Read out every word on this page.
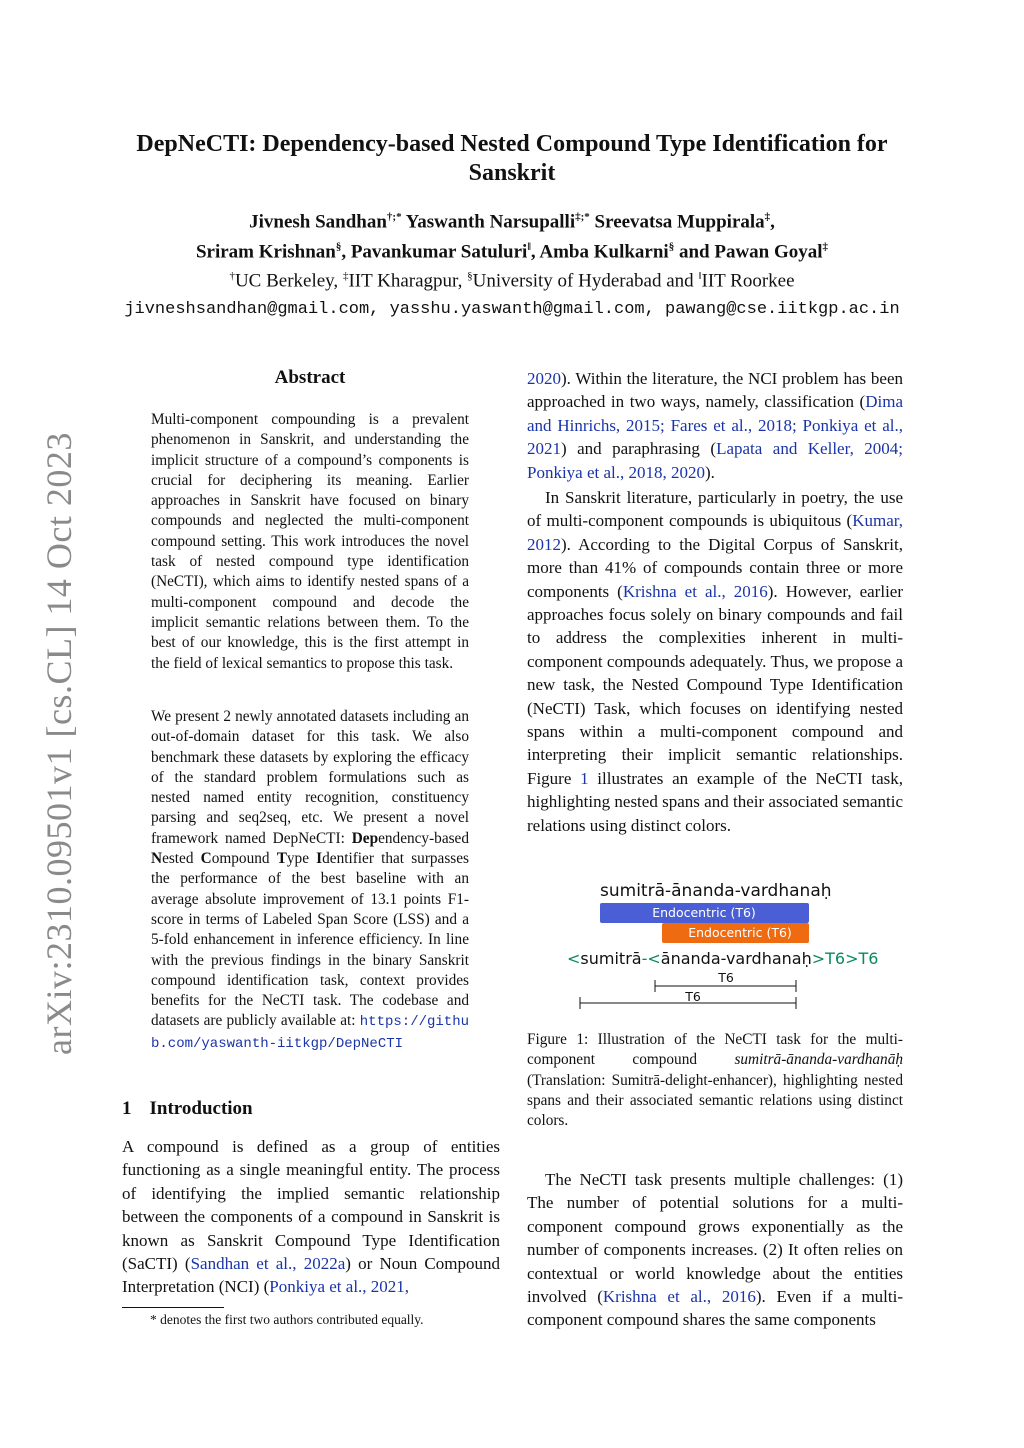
arXiv:2310.09501v1 [cs.CL] 14 Oct 2023
DepNeCTI: Dependency-based Nested Compound Type Identification for Sanskrit
Jivnesh Sandhan†;* Yaswanth Narsupalli‡;* Sreevatsa Muppirala‡,
Sriram Krishnan§, Pavankumar Satuluri‖, Amba Kulkarni§ and Pawan Goyal‡
†UC Berkeley, ‡IIT Kharagpur, §University of Hyderabad and ‖IIT Roorkee
jivneshsandhan@gmail.com, yasshu.yaswanth@gmail.com, pawang@cse.iitkgp.ac.in
Abstract
Multi-component compounding is a prevalent phenomenon in Sanskrit, and understanding the implicit structure of a compound’s components is crucial for deciphering its meaning. Earlier approaches in Sanskrit have focused on binary compounds and neglected the multi-component compound setting. This work introduces the novel task of nested compound type identification (NeCTI), which aims to identify nested spans of a multi-component compound and decode the implicit semantic relations between them. To the best of our knowledge, this is the first attempt in the field of lexical semantics to propose this task.
We present 2 newly annotated datasets including an out-of-domain dataset for this task. We also benchmark these datasets by exploring the efficacy of the standard problem formulations such as nested named entity recognition, constituency parsing and seq2seq, etc. We present a novel framework named DepNeCTI: Dependency-based Nested Compound Type Identifier that surpasses the performance of the best baseline with an average absolute improvement of 13.1 points F1-score in terms of Labeled Span Score (LSS) and a 5-fold enhancement in inference efficiency. In line with the previous findings in the binary Sanskrit compound identification task, context provides benefits for the NeCTI task. The codebase and datasets are publicly available at: https://github.com/yaswanth-iitkgp/DepNeCTI
1 Introduction
A compound is defined as a group of entities functioning as a single meaningful entity. The process of identifying the implied semantic relationship between the components of a compound in Sanskrit is known as Sanskrit Compound Type Identification (SaCTI) (Sandhan et al., 2022a) or Noun Compound Interpretation (NCI) (Ponkiya et al., 2021,
* denotes the first two authors contributed equally.
2020). Within the literature, the NCI problem has been approached in two ways, namely, classification (Dima and Hinrichs, 2015; Fares et al., 2018; Ponkiya et al., 2021) and paraphrasing (Lapata and Keller, 2004; Ponkiya et al., 2018, 2020).
In Sanskrit literature, particularly in poetry, the use of multi-component compounds is ubiquitous (Kumar, 2012). According to the Digital Corpus of Sanskrit, more than 41% of compounds contain three or more components (Krishna et al., 2016). However, earlier approaches focus solely on binary compounds and fail to address the complexities inherent in multi-component compounds adequately. Thus, we propose a new task, the Nested Compound Type Identification (NeCTI) Task, which focuses on identifying nested spans within a multi-component compound and interpreting their implicit semantic relationships. Figure 1 illustrates an example of the NeCTI task, highlighting nested spans and their associated semantic relations using distinct colors.
sumitrā-ānanda-vardhanaḥ
Endocentric (T6)
Endocentric (T6)
<sumitrā-<ānanda-vardhanaḥ>T6>T6
T6
T6
Figure 1: Illustration of the NeCTI task for the multi-component compound sumitrā-ānanda-vardhanāḥ (Translation: Sumitrā-delight-enhancer), highlighting nested spans and their associated semantic relations using distinct colors.
The NeCTI task presents multiple challenges: (1) The number of potential solutions for a multi-component compound grows exponentially as the number of components increases. (2) It often relies on contextual or world knowledge about the entities involved (Krishna et al., 2016). Even if a multi-component compound shares the same components
